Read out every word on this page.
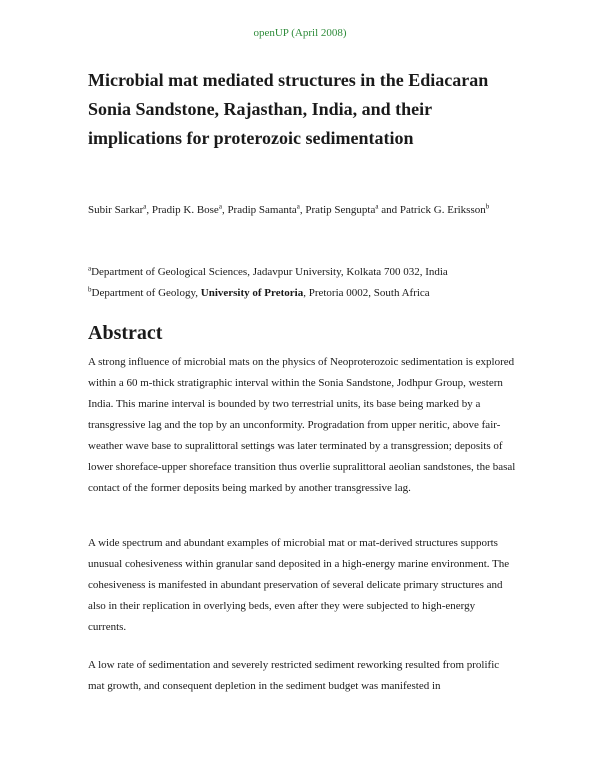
openUP (April 2008)
Microbial mat mediated structures in the Ediacaran
Sonia Sandstone, Rajasthan, India, and their
implications for proterozoic sedimentation
Subir Sarkar$^a$, Pradip K. Bose$^a$, Pradip Samanta$^a$, Pratip Sengupta$^a$ and Patrick G. Eriksson$^b$
$^a$Department of Geological Sciences, Jadavpur University, Kolkata 700 032, India
$^b$Department of Geology, University of Pretoria, Pretoria 0002, South Africa
Abstract

A strong influence of microbial mats on the physics of Neoproterozoic sedimentation is explored within a 60 m-thick stratigraphic interval within the Sonia Sandstone, Jodhpur Group, western India. This marine interval is bounded by two terrestrial units, its base being marked by a transgressive lag and the top by an unconformity. Progradation from upper neritic, above fair-weather wave base to supralittoral settings was later terminated by a transgression; deposits of lower shoreface-upper shoreface transition thus overlie supralittoral aeolian sandstones, the basal contact of the former deposits being marked by another transgressive lag.

A wide spectrum and abundant examples of microbial mat or mat-derived structures supports unusual cohesiveness within granular sand deposited in a high-energy marine environment. The cohesiveness is manifested in abundant preservation of several delicate primary structures and also in their replication in overlying beds, even after they were subjected to high-energy currents.

A low rate of sedimentation and severely restricted sediment reworking resulted from prolific mat growth, and consequent depletion in the sediment budget was manifested in
